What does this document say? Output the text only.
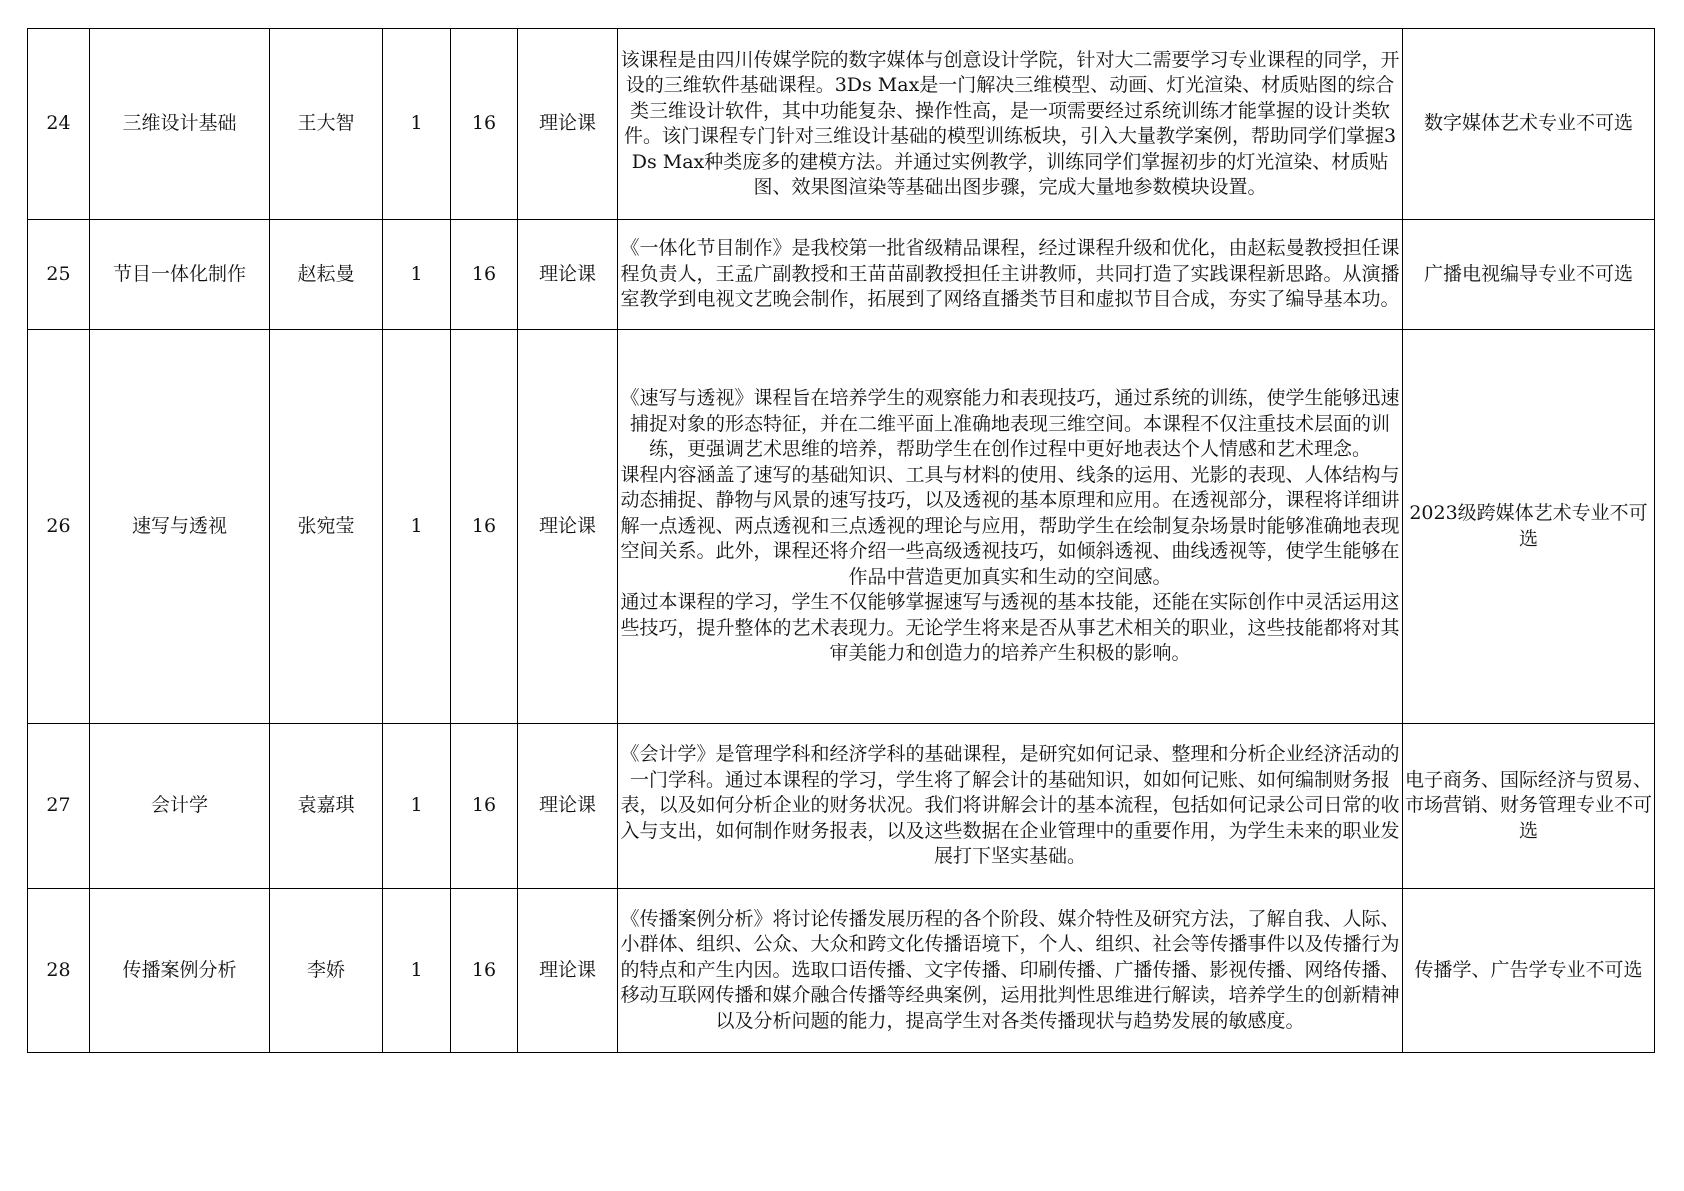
24	三维设计基础	王大智	1	16	理论课	该课程是由四川传媒学院的数字媒体与创意设计学院，针对大二需要学习专业课程的同学，开设的三维软件基础课程。3Ds Max是一门解决三维模型、动画、灯光渲染、材质贴图的综合类三维设计软件，其中功能复杂、操作性高，是一项需要经过系统训练才能掌握的设计类软件。该门课程专门针对三维设计基础的模型训练板块，引入大量教学案例，帮助同学们掌握3Ds Max种类庞多的建模方法。并通过实例教学，训练同学们掌握初步的灯光渲染、材质贴图、效果图渲染等基础出图步骤，完成大量地参数模块设置。	数字媒体艺术专业不可选
25	节目一体化制作	赵耘曼	1	16	理论课	《一体化节目制作》是我校第一批省级精品课程，经过课程升级和优化，由赵耘曼教授担任课程负责人，王孟广副教授和王苗苗副教授担任主讲教师，共同打造了实践课程新思路。从演播室教学到电视文艺晚会制作，拓展到了网络直播类节目和虚拟节目合成，夯实了编导基本功。	广播电视编导专业不可选
26	速写与透视	张宛莹	1	16	理论课	《速写与透视》课程旨在培养学生的观察能力和表现技巧，通过系统的训练，使学生能够迅速捕捉对象的形态特征，并在二维平面上准确地表现三维空间。本课程不仅注重技术层面的训练，更强调艺术思维的培养，帮助学生在创作过程中更好地表达个人情感和艺术理念。

课程内容涵盖了速写的基础知识、工具与材料的使用、线条的运用、光影的表现、人体结构与动态捕捉、静物与风景的速写技巧，以及透视的基本原理和应用。在透视部分，课程将详细讲解一点透视、两点透视和三点透视的理论与应用，帮助学生在绘制复杂场景时能够准确地表现空间关系。此外，课程还将介绍一些高级透视技巧，如倾斜透视、曲线透视等，使学生能够在作品中营造更加真实和生动的空间感。

通过本课程的学习，学生不仅能够掌握速写与透视的基本技能，还能在实际创作中灵活运用这些技巧，提升整体的艺术表现力。无论学生将来是否从事艺术相关的职业，这些技能都将对其审美能力和创造力的培养产生积极的影响。	2023级跨媒体艺术专业不可选
27	会计学	袁嘉琪	1	16	理论课	《会计学》是管理学科和经济学科的基础课程，是研究如何记录、整理和分析企业经济活动的一门学科。通过本课程的学习，学生将了解会计的基础知识，如如何记账、如何编制财务报表，以及如何分析企业的财务状况。我们将讲解会计的基本流程，包括如何记录公司日常的收入与支出，如何制作财务报表，以及这些数据在企业管理中的重要作用，为学生未来的职业发展打下坚实基础。	电子商务、国际经济与贸易、市场营销、财务管理专业不可选
28	传播案例分析	李娇	1	16	理论课	《传播案例分析》将讨论传播发展历程的各个阶段、媒介特性及研究方法，了解自我、人际、小群体、组织、公众、大众和跨文化传播语境下，个人、组织、社会等传播事件以及传播行为的特点和产生内因。选取口语传播、文字传播、印刷传播、广播传播、影视传播、网络传播、移动互联网传播和媒介融合传播等经典案例，运用批判性思维进行解读，培养学生的创新精神以及分析问题的能力，提高学生对各类传播现状与趋势发展的敏感度。	传播学、广告学专业不可选
